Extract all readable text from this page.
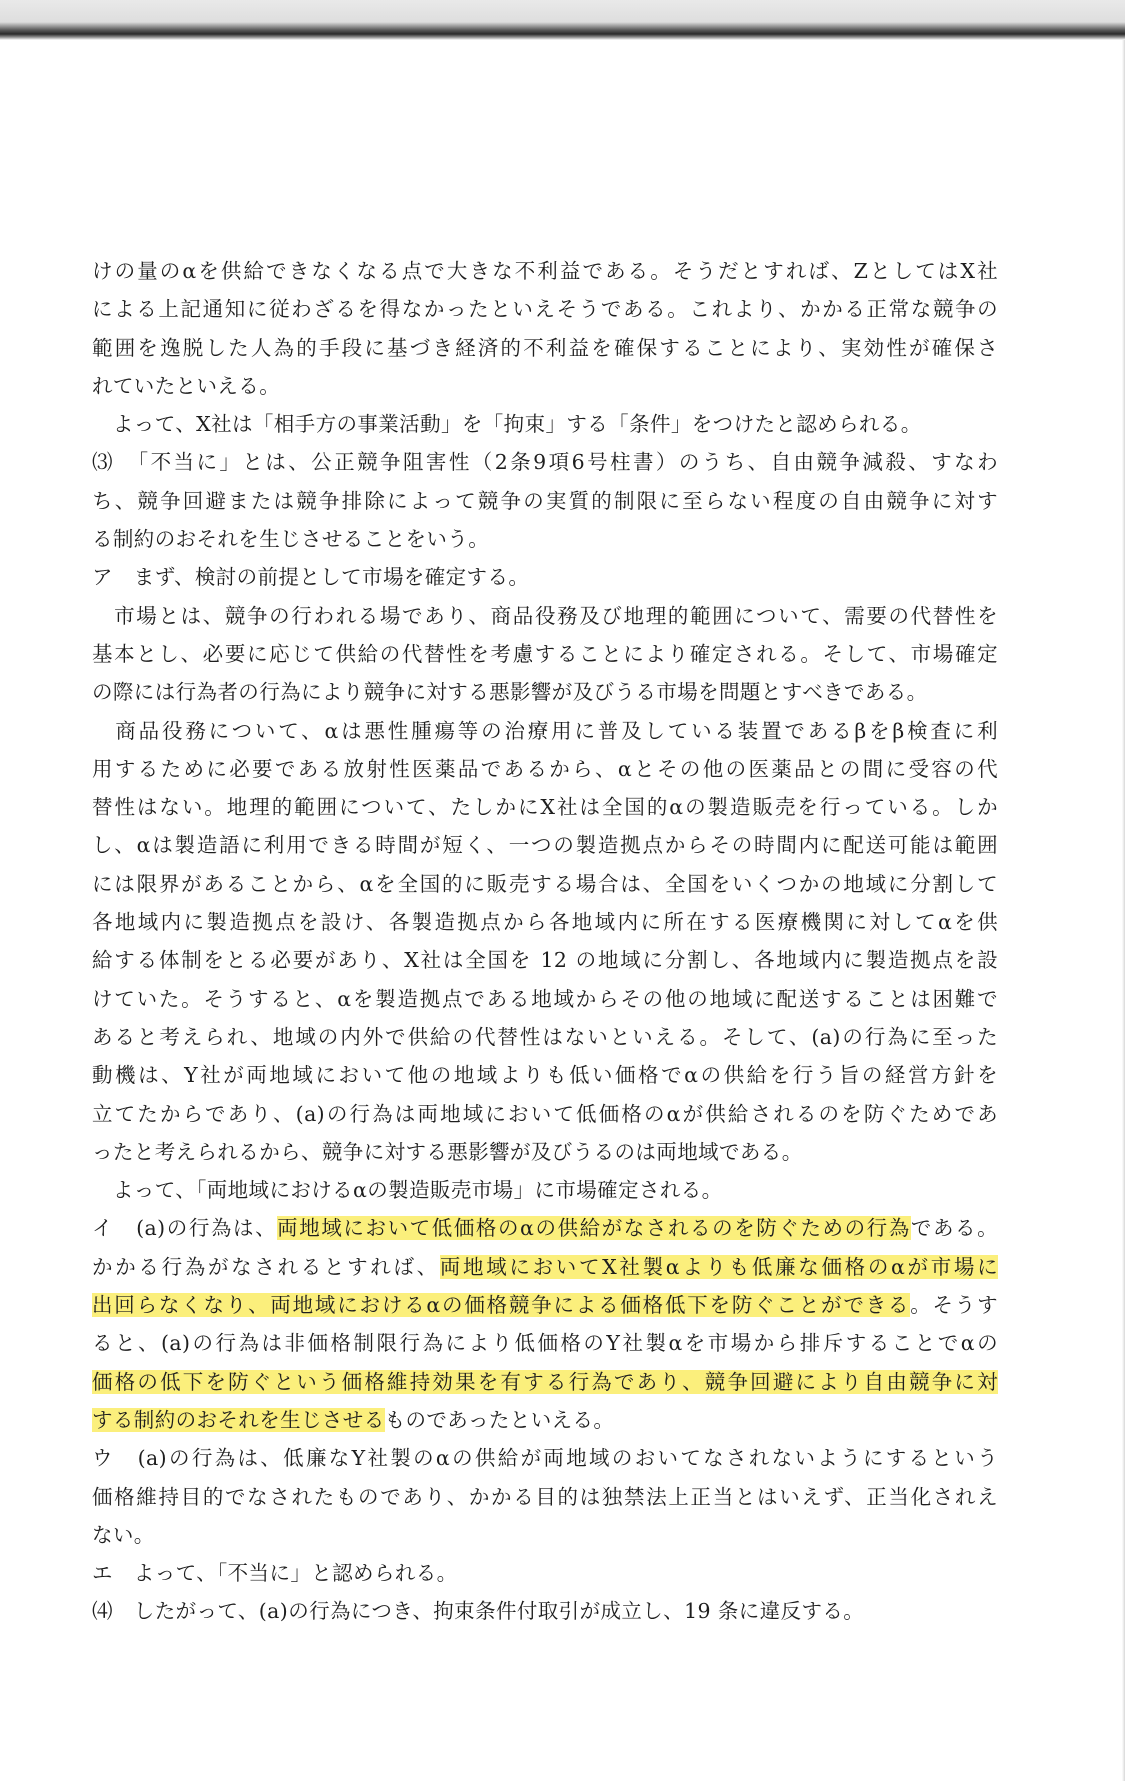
けの量のαを供給できなくなる点で大きな不利益である。そうだとすれば、ZとしてはX社
による上記通知に従わざるを得なかったといえそうである。これより、かかる正常な競争の
範囲を逸脱した人為的手段に基づき経済的不利益を確保することにより、実効性が確保さ
れていたといえる。
　よって、X社は「相手方の事業活動」を「拘束」する「条件」をつけたと認められる。
⑶　「不当に」とは、公正競争阻害性（2条9項6号柱書）のうち、自由競争減殺、すなわ
ち、競争回避または競争排除によって競争の実質的制限に至らない程度の自由競争に対す
る制約のおそれを生じさせることをいう。
ア　まず、検討の前提として市場を確定する。
　市場とは、競争の行われる場であり、商品役務及び地理的範囲について、需要の代替性を
基本とし、必要に応じて供給の代替性を考慮することにより確定される。そして、市場確定
の際には行為者の行為により競争に対する悪影響が及びうる市場を問題とすべきである。
　商品役務について、αは悪性腫瘍等の治療用に普及している装置であるβをβ検査に利
用するために必要である放射性医薬品であるから、αとその他の医薬品との間に受容の代
替性はない。地理的範囲について、たしかにX社は全国的αの製造販売を行っている。しか
し、αは製造語に利用できる時間が短く、一つの製造拠点からその時間内に配送可能は範囲
には限界があることから、αを全国的に販売する場合は、全国をいくつかの地域に分割して
各地域内に製造拠点を設け、各製造拠点から各地域内に所在する医療機関に対してαを供
給する体制をとる必要があり、X社は全国を 12 の地域に分割し、各地域内に製造拠点を設
けていた。そうすると、αを製造拠点である地域からその他の地域に配送することは困難で
あると考えられ、地域の内外で供給の代替性はないといえる。そして、(a)の行為に至った
動機は、Y社が両地域において他の地域よりも低い価格でαの供給を行う旨の経営方針を
立てたからであり、(a)の行為は両地域において低価格のαが供給されるのを防ぐためであ
ったと考えられるから、競争に対する悪影響が及びうるのは両地域である。
　よって、「両地域におけるαの製造販売市場」に市場確定される。
イ　(a)の行為は、両地域において低価格のαの供給がなされるのを防ぐための行為である。
かかる行為がなされるとすれば、両地域においてX社製αよりも低廉な価格のαが市場に
出回らなくなり、両地域におけるαの価格競争による価格低下を防ぐことができる。そうす
ると、(a)の行為は非価格制限行為により低価格のY社製αを市場から排斥することでαの
価格の低下を防ぐという価格維持効果を有する行為であり、競争回避により自由競争に対
する制約のおそれを生じさせるものであったといえる。
ウ　(a)の行為は、低廉なY社製のαの供給が両地域のおいてなされないようにするという
価格維持目的でなされたものであり、かかる目的は独禁法上正当とはいえず、正当化されえ
ない。
エ　よって、「不当に」と認められる。
⑷　したがって、(a)の行為につき、拘束条件付取引が成立し、19 条に違反する。
